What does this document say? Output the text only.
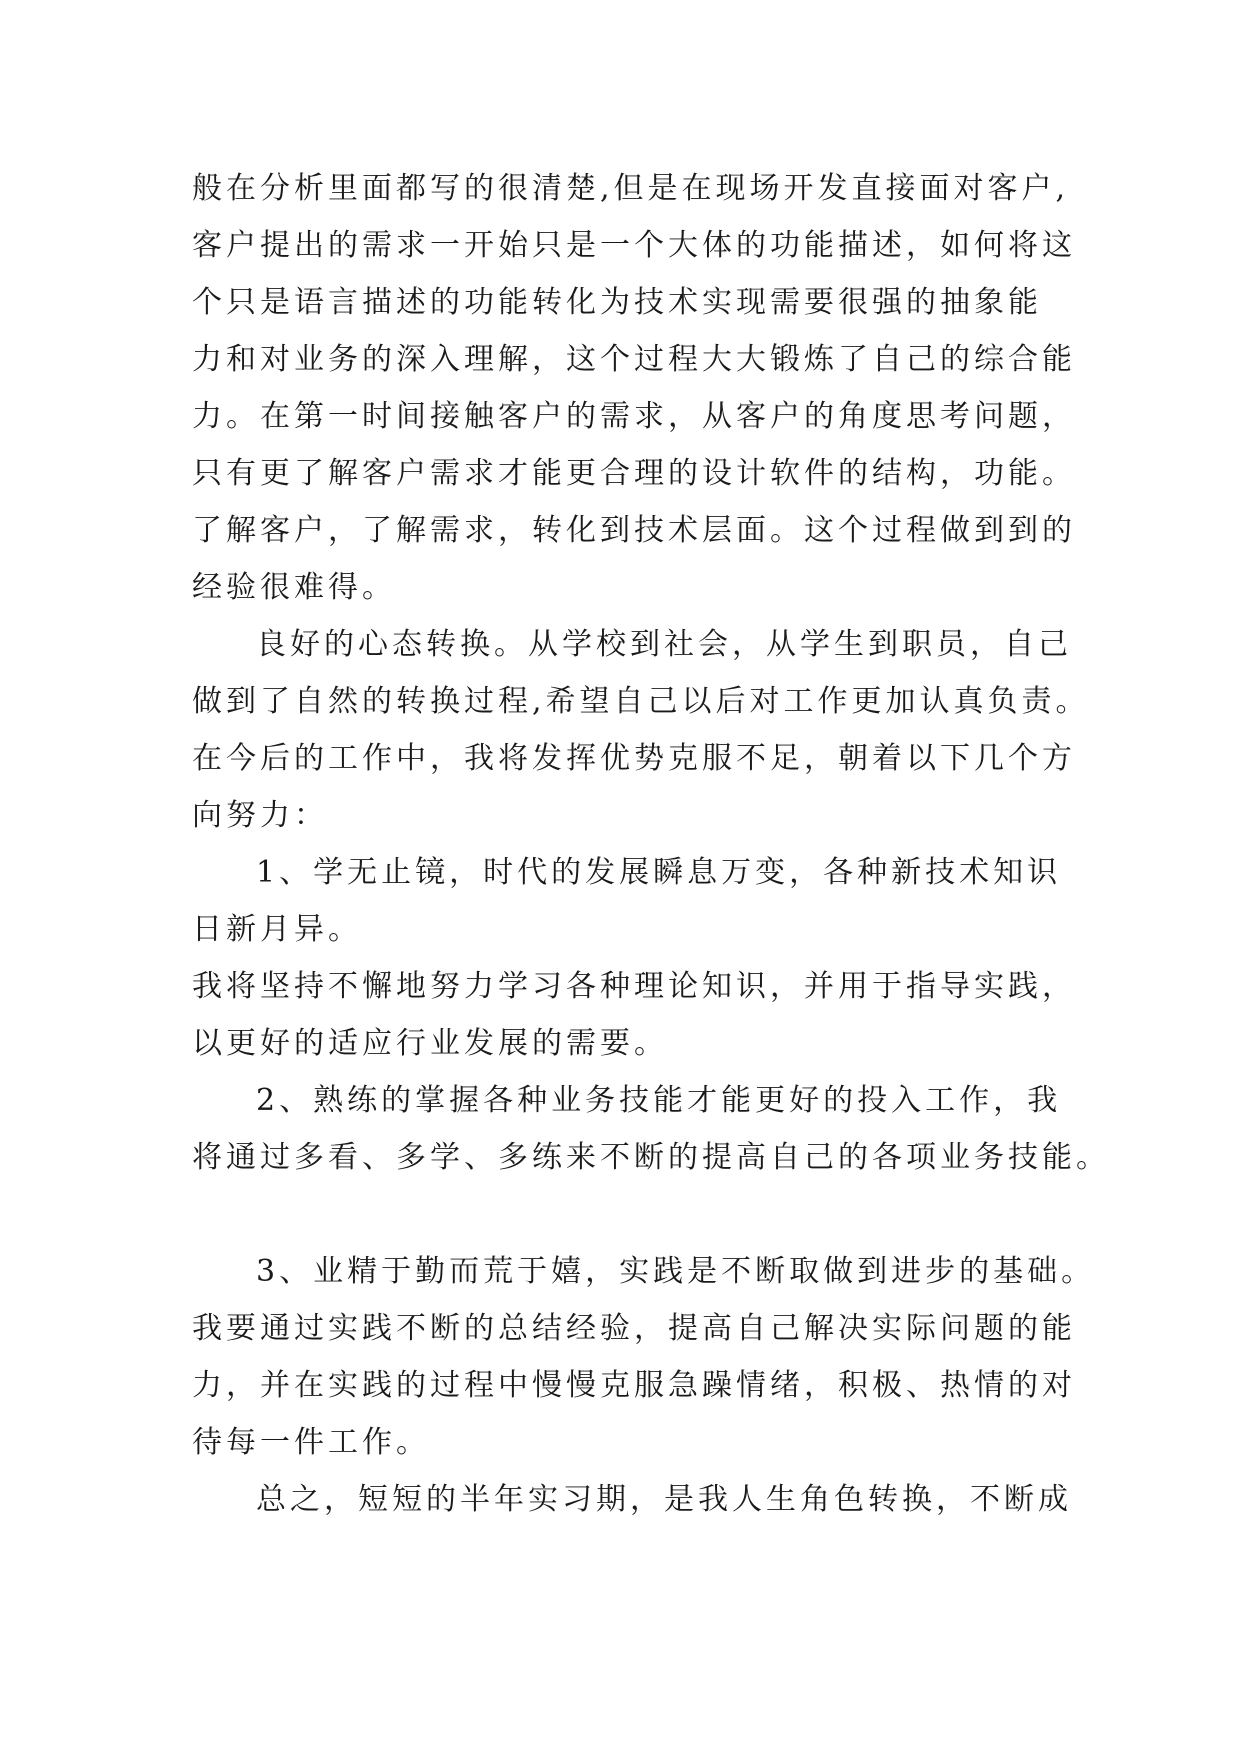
般在分析里面都写的很清楚,但是在现场开发直接面对客户,
客户提出的需求一开始只是一个大体的功能描述，如何将这
个只是语言描述的功能转化为技术实现需要很强的抽象能
力和对业务的深入理解，这个过程大大锻炼了自己的综合能
力。在第一时间接触客户的需求，从客户的角度思考问题，
只有更了解客户需求才能更合理的设计软件的结构，功能。
了解客户，了解需求，转化到技术层面。这个过程做到到的
经验很难得。
良好的心态转换。从学校到社会，从学生到职员，自己
做到了自然的转换过程,希望自己以后对工作更加认真负责。
在今后的工作中，我将发挥优势克服不足，朝着以下几个方
向努力：
1、学无止镜，时代的发展瞬息万变，各种新技术知识
日新月异。
我将坚持不懈地努力学习各种理论知识，并用于指导实践，
以更好的适应行业发展的需要。
2、熟练的掌握各种业务技能才能更好的投入工作，我
将通过多看、多学、多练来不断的提高自己的各项业务技能。
3、业精于勤而荒于嬉，实践是不断取做到进步的基础。
我要通过实践不断的总结经验，提高自己解决实际问题的能
力，并在实践的过程中慢慢克服急躁情绪，积极、热情的对
待每一件工作。
总之，短短的半年实习期，是我人生角色转换，不断成
